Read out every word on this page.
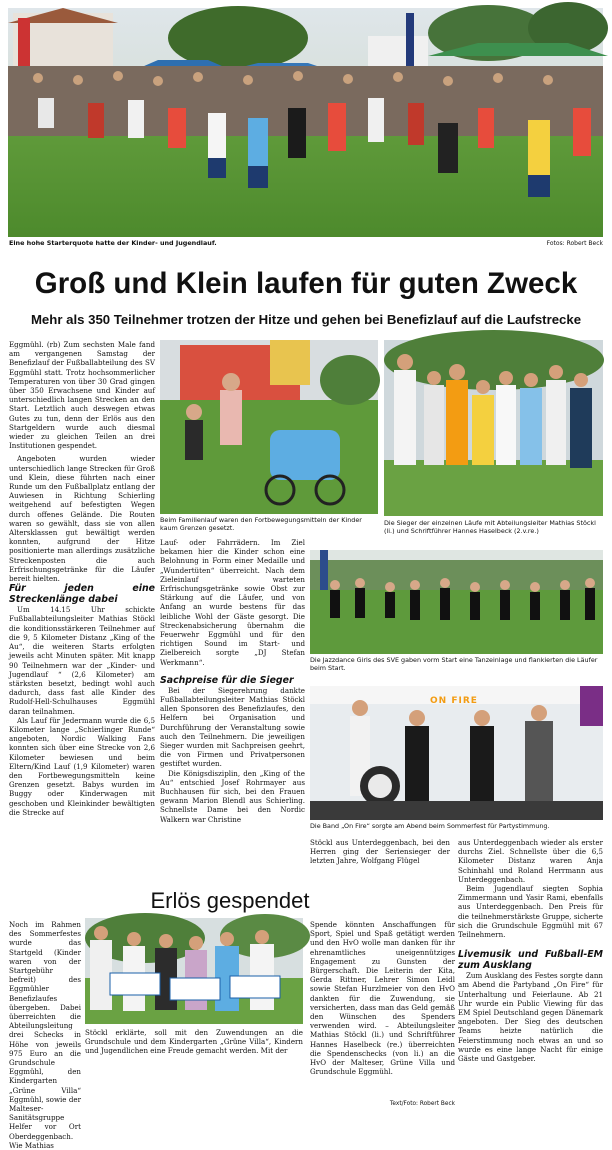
Eine hohe Starterquote hatte der Kinder- und Jugendlauf.	Fotos: Robert Beck
Groß und Klein laufen für guten Zweck
Mehr als 350 Teilnehmer trotzen der Hitze und gehen bei Benefizlauf auf die Laufstrecke

Eggmühl. (rb) Zum sechsten Male fand am vergangenen Samstag der Benefizlauf der Fußballabteilung des SV Eggmühl statt. Trotz hochsommerlicher Temperaturen von über 30 Grad gingen über 350 Erwachsene und Kinder auf unterschiedlich langen Strecken an den Start. Letztlich auch deswegen etwas Gutes zu tun, denn der Erlös aus den Startgeldern wurde auch diesmal wieder zu gleichen Teilen an drei Institutionen gespendet.

Angeboten wurden wieder unterschiedlich lange Strecken für Groß und Klein, diese führten nach einer Runde um den Fußballplatz entlang der Auwiesen in Richtung Schierling weitgehend auf befestigten Wegen durch offenes Gelände. Die Routen waren so gewählt, dass sie von allen Altersklassen gut bewältigt werden konnten, aufgrund der Hitze positionierte man allerdings zusätzliche Streckenposten die auch Erfrischungsgetränke für die Läufer bereit hielten.

Für jeden eine Streckenlänge dabei

Um 14.15 Uhr schickte Fußballabteilungsleiter Mathias Stöckl die konditionsstärkeren Teilnehmer auf die 9, 5 Kilometer Distanz „King of the Au“, die weiteren Starts erfolgten jeweils acht Minuten später. Mit knapp 90 Teilnehmern war der „Kinder- und Jugendlauf “ (2,6 Kilometer) am stärksten besetzt, bedingt wohl auch dadurch, dass fast alle Kinder des Rudolf-Hell-Schulhauses Eggmühl daran teilnahmen.

Als Lauf für Jedermann wurde die 6,5 Kilometer lange „Schierlinger Runde“ angeboten, Nordic Walking Fans konnten sich über eine Strecke von 2,6 Kilometer bewiesen und beim Eltern/Kind Lauf (1,9 Kilometer) waren den Fortbewegungsmitteln keine Grenzen gesetzt. Babys wurden im Buggy oder Kinderwagen mit geschoben und Kleinkinder bewältigten die Strecke auf

Beim Familienlauf waren den Fortbewegungsmitteln der Kinder kaum Grenzen gesetzt.
Die Sieger der einzelnen Läufe mit Abteilungsleiter Mathias Stöckl (li.) und Schriftführer Hannes Haselbeck (2.v.re.)

Lauf- oder Fahrrädern. Im Ziel bekamen hier die Kinder schon eine Belohnung in Form einer Medaille und „Wundertüten“ überreicht. Nach dem Zieleinlauf warteten Erfrischungsgetränke sowie Obst zur Stärkung auf die Läufer, und von Anfang an wurde bestens für das leibliche Wohl der Gäste gesorgt. Die Streckenabsicherung übernahm die Feuerwehr Eggmühl und für den richtigen Sound im Start- und Zielbereich sorgte „DJ Stefan Werkmann“.

Sachpreise für die Sieger

Bei der Siegerehrung dankte Fußballabteilungsleiter Mathias Stöckl allen Sponsoren des Benefizlaufes, den Helfern bei Organisation und Durchführung der Veranstaltung sowie auch den Teilnehmern. Die jeweiligen Sieger wurden mit Sachpreisen geehrt, die von Firmen und Privatpersonen gestiftet wurden.

Die Königsdisziplin, den „King of the Au“ entschied Josef Rohrmayer aus Buchhausen für sich, bei den Frauen gewann Marion Blendl aus Schierling. Schnellste Dame bei den Nordic Walkern war Christine

Die Jazzdance Girls des SVE gaben vorm Start eine Tanzeinlage und flankierten die Läufer beim Start.
ON FIRE
Die Band „On Fire“ sorgte am Abend beim Sommerfest für Partystimmung.

Stöckl aus Unterdeggenbach, bei den Herren ging der Seriensieger der letzten Jahre, Wolfgang Flügel

aus Unterdeggenbach wieder als erster durchs Ziel. Schnellste über die 6,5 Kilometer Distanz waren Anja Schinhahl und Roland Herrmann aus Unterdeggenbach.

Beim Jugendlauf siegten Sophia Zimmermann und Yasir Rami, ebenfalls aus Unterdeggenbach. Den Preis für die teilnehmerstärkste Gruppe, sicherte sich die Grundschule Eggmühl mit 67 Teilnehmern.

Livemusik und Fußball-EM zum Ausklang

Zum Ausklang des Festes sorgte dann am Abend die Partyband „On Fire“ für Unterhaltung und Feierlaune. Ab 21 Uhr wurde ein Public Viewing für das EM Spiel Deutschland gegen Dänemark angeboten. Der Sieg des deutschen Teams heizte natürlich die Feierstimmung noch etwas an und so wurde es eine lange Nacht für einige Gäste und Gastgeber.

Erlös gespendet

Noch im Rahmen des Sommerfestes wurde das Startgeld (Kinder waren von der Startgebühr befreit) des Eggmühler Benefizlaufes übergeben. Dabei überreichten die Abteilungsleitung drei Schecks in Höhe von jeweils 975 Euro an die Grundschule Eggmühl, den Kindergarten „Grüne Villa“ Eggmühl, sowie der Malteser-Sanitätsgruppe Helfer vor Ort Oberdeggenbach. Wie Mathias

Stöckl erklärte, soll mit den Zuwendungen an die Grundschule und dem Kindergarten „Grüne Villa“, Kindern und Jugendlichen eine Freude gemacht werden. Mit der

Spende könnten Anschaffungen für Sport, Spiel und Spaß getätigt werden und den HvO wolle man danken für ihr ehrenamtliches uneigennütziges Engagement zu Gunsten der Bürgerschaft. Die Leiterin der Kita, Gerda Rittner, Lehrer Simon Leidl sowie Stefan Hurzlmeier von den HvO dankten für die Zuwendung, sie versicherten, dass man das Geld gemäß den Wünschen des Spenders verwenden wird. – Abteilungsleiter Mathias Stöckl (li.) und Schriftführer Hannes Haselbeck (re.) überreichten die Spendenschecks (von li.) an die HvO der Malteser, Grüne Villa und Grundschule Eggmühl.

Text/Foto: Robert Beck
